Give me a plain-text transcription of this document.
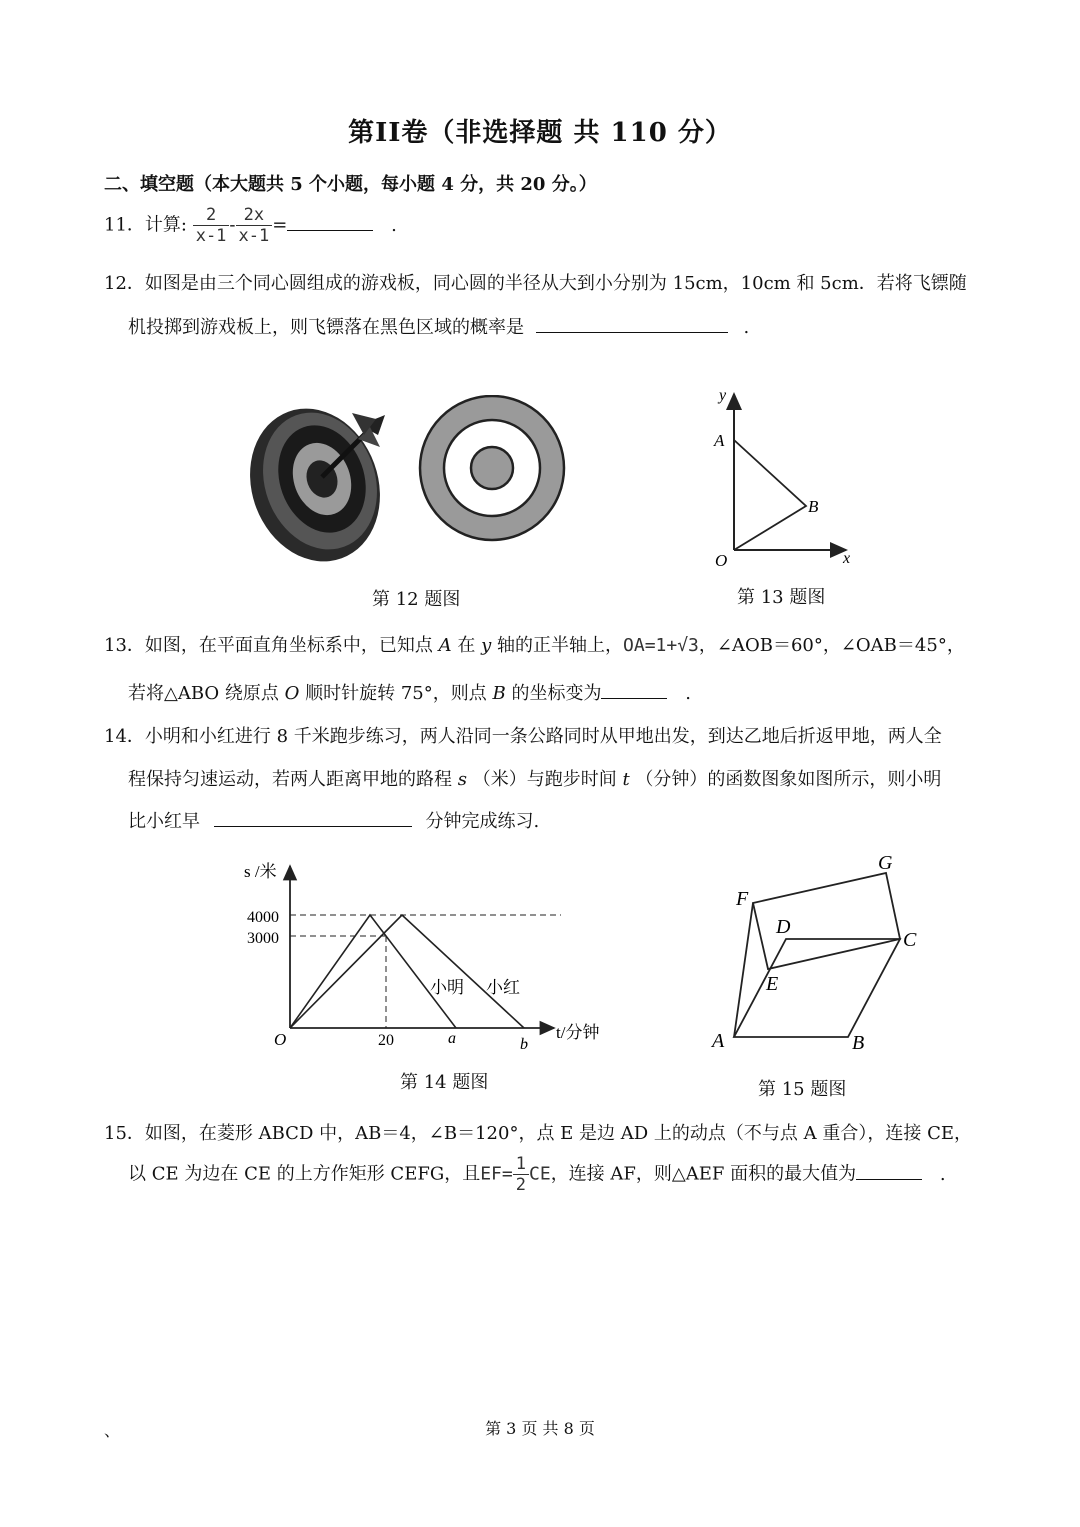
第II卷（非选择题 共 110 分）
二、填空题（本大题共 5 个小题，每小题 4 分，共 20 分。）
11．计算: $\frac{2}{x-1} - \frac{2x}{x-1}$ =	.
12．如图是由三个同心圆组成的游戏板，同心圆的半径从大到小分别为 15cm，10cm 和 5cm．若将飞镖随
机投掷到游戏板上，则飞镖落在黑色区域的概率是	.
第 12 题图
y
x
A
B
O
第 13 题图
13．如图，在平面直角坐标系中，已知点 A 在 y 轴的正半轴上，OA=1+√3，∠AOB＝60°，∠OAB＝45°，
若将△ABO 绕原点 O 顺时针旋转 75°，则点 B 的坐标变为	.
14．小明和小红进行 8 千米跑步练习，两人沿同一条公路同时从甲地出发，到达乙地后折返甲地，两人全
程保持匀速运动，若两人距离甲地的路程 s （米）与跑步时间 t （分钟）的函数图象如图所示，则小明
比小红早	分钟完成练习.
s /米
4000
3000
20	a	b
O	t/分钟
小明 小红
第 14 题图
F
G
D
C
E
A	B
第 15 题图
15．如图，在菱形 ABCD 中，AB＝4，∠B＝120°，点 E 是边 AD 上的动点（不与点 A 重合），连接 CE，
以 CE 为边在 CE 的上方作矩形 CEFG，且$EF= \frac{1}{2}$ CE，连接 AF，则△AEF 面积的最大值为	.
、	第 3 页 共 8 页
